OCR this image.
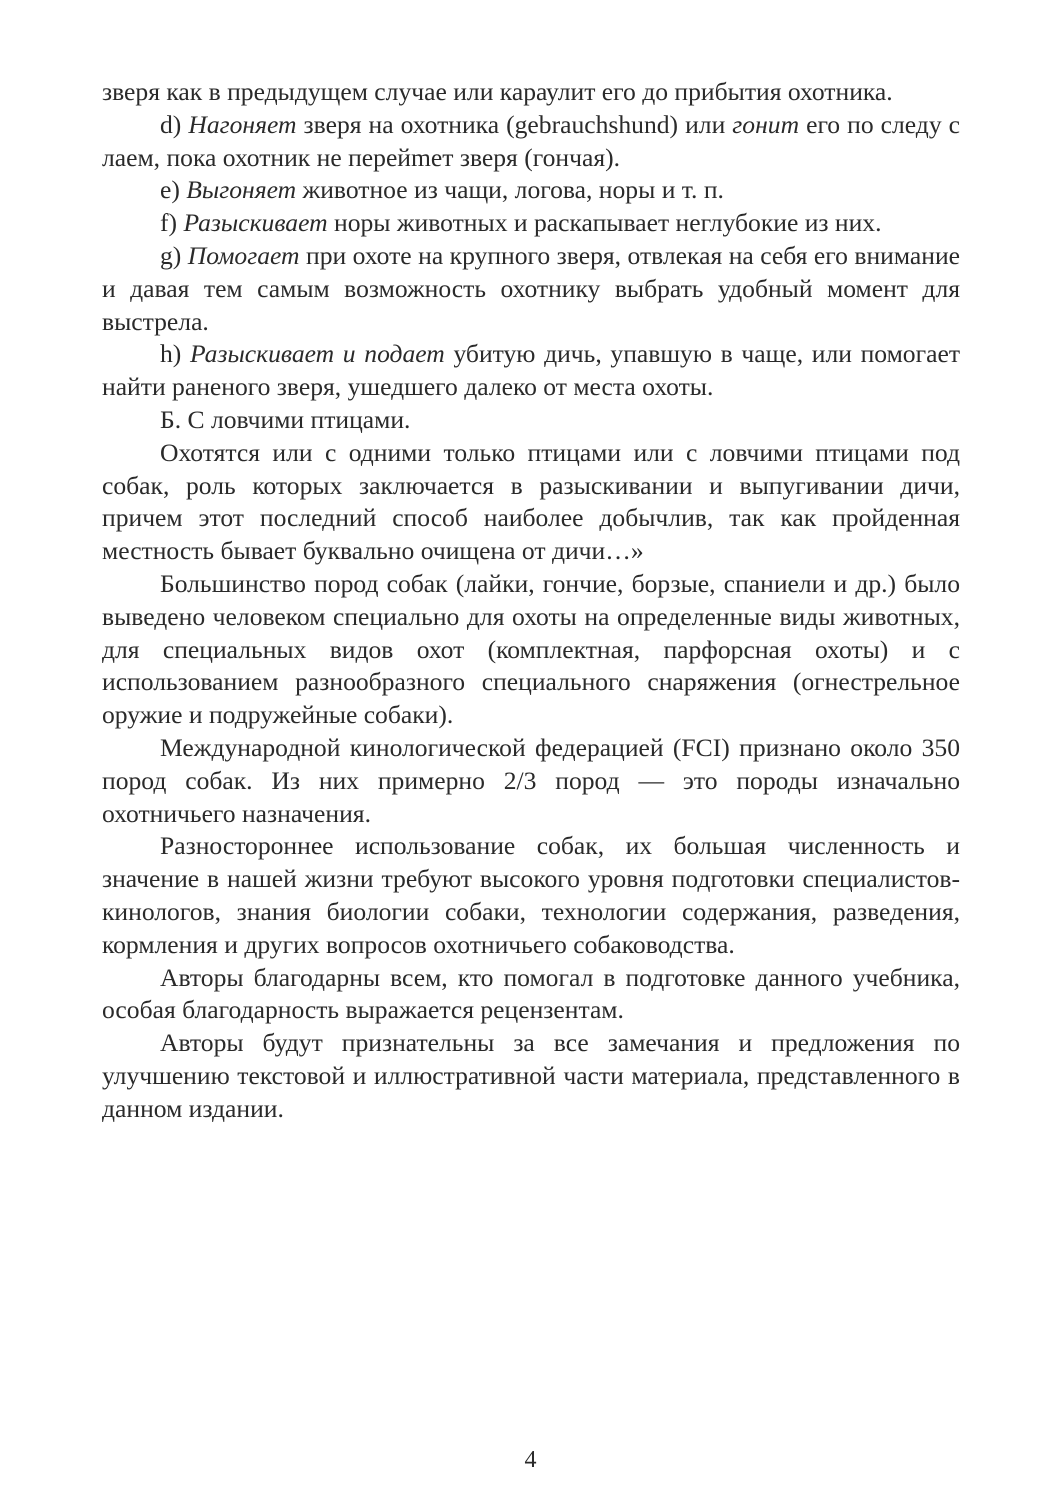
зверя как в предыдущем случае или караулит его до прибытия охотника.

d) Нагоняет зверя на охотника (gebrauchshund) или гонит его по следу с лаем, пока охотник не перейmет зверя (гончая).

e) Выгоняет животное из чащи, логова, норы и т. п.

f) Разыскивает норы животных и раскапывает неглубокие из них.

g) Помогает при охоте на крупного зверя, отвлекая на себя его внимание и давая тем самым возможность охотнику выбрать удобный момент для выстрела.

h) Разыскивает и подает убитую дичь, упавшую в чаще, или помогает найти раненого зверя, ушедшего далеко от места охоты.

Б. С ловчими птицами.

Охотятся или с одними только птицами или с ловчими птицами под собак, роль которых заключается в разыскивании и выпугивании дичи, причем этот последний способ наиболее добычлив, так как пройденная местность бывает буквально очищена от дичи…»

Большинство пород собак (лайки, гончие, борзые, спаниели и др.) было выведено человеком специально для охоты на определенные виды животных, для специальных видов охот (комплектная, парфорсная охоты) и с использованием разнообразного специального снаряжения (огнестрельное оружие и подружейные собаки).

Международной кинологической федерацией (FCI) признано около 350 пород собак. Из них примерно 2/3 пород — это породы изначально охотничьего назначения.

Разностороннее использование собак, их большая численность и значение в нашей жизни требуют высокого уровня подготовки специалистов-кинологов, знания биологии собаки, технологии содержания, разведения, кормления и других вопросов охотничьего собаководства.

Авторы благодарны всем, кто помогал в подготовке данного учебника, особая благодарность выражается рецензентам.

Авторы будут признательны за все замечания и предложения по улучшению текстовой и иллюстративной части материала, представленного в данном издании.

4
